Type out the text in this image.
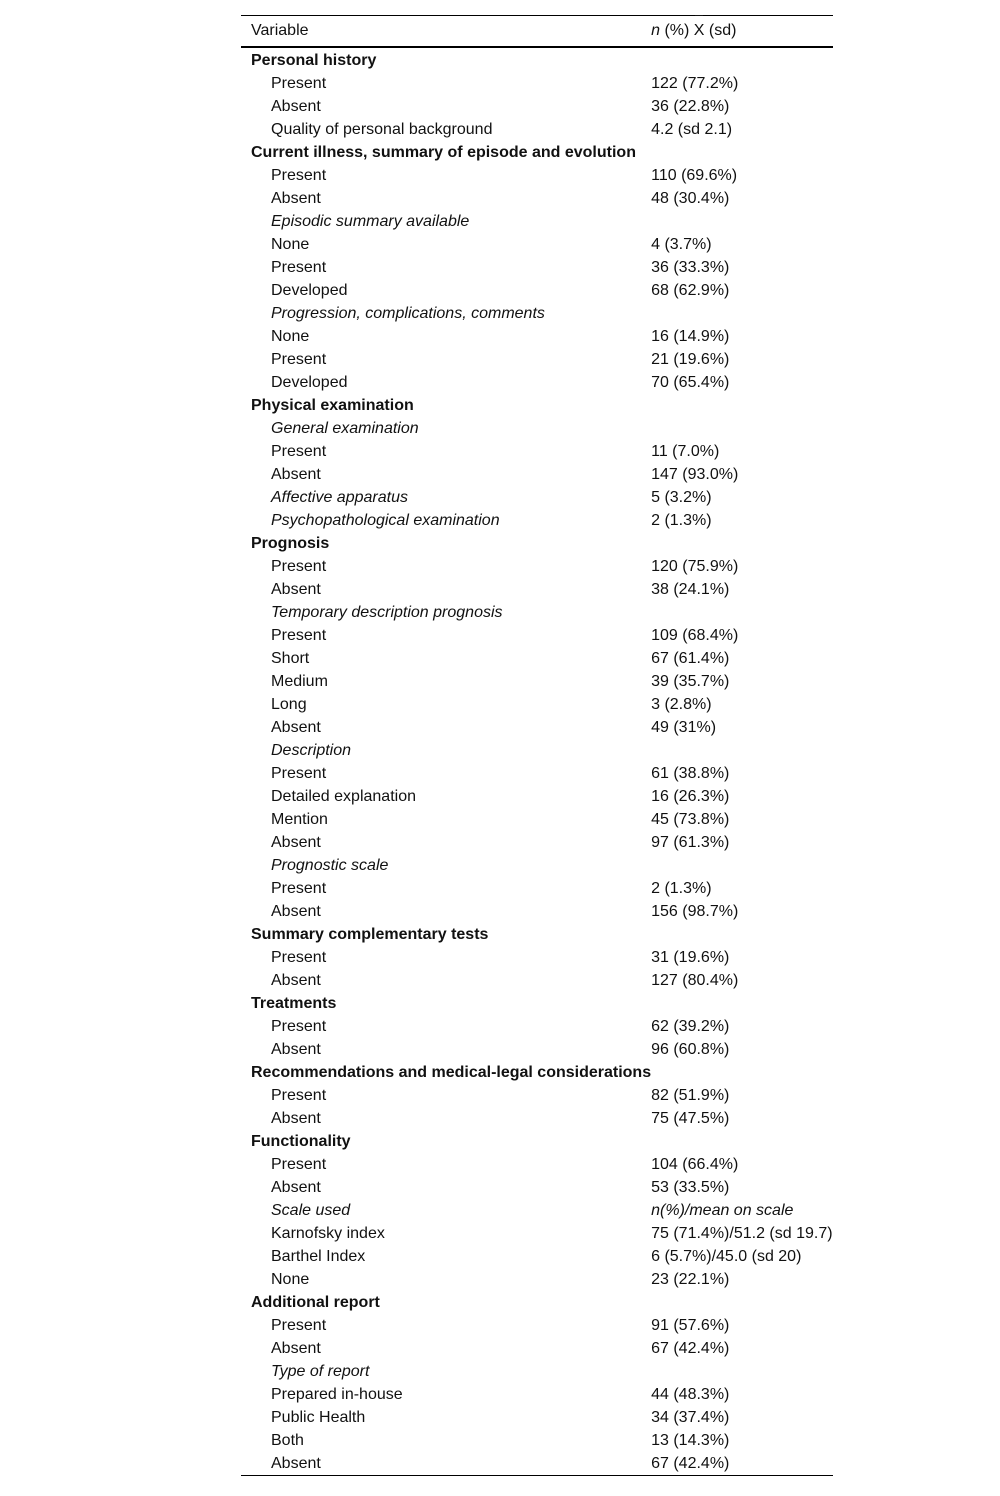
Variable	n (%) X (sd)
Personal history	
Present	122 (77.2%)
Absent	36 (22.8%)
Quality of personal background	4.2 (sd 2.1)
Current illness, summary of episode and evolution	
Present	110 (69.6%)
Absent	48 (30.4%)
Episodic summary available	
None	4 (3.7%)
Present	36 (33.3%)
Developed	68 (62.9%)
Progression, complications, comments	
None	16 (14.9%)
Present	21 (19.6%)
Developed	70 (65.4%)
Physical examination	
General examination	
Present	11 (7.0%)
Absent	147 (93.0%)
Affective apparatus	5 (3.2%)
Psychopathological examination	2 (1.3%)
Prognosis	
Present	120 (75.9%)
Absent	38 (24.1%)
Temporary description prognosis	
Present	109 (68.4%)
Short	67 (61.4%)
Medium	39 (35.7%)
Long	3 (2.8%)
Absent	49 (31%)
Description	
Present	61 (38.8%)
Detailed explanation	16 (26.3%)
Mention	45 (73.8%)
Absent	97 (61.3%)
Prognostic scale	
Present	2 (1.3%)
Absent	156 (98.7%)
Summary complementary tests	
Present	31 (19.6%)
Absent	127 (80.4%)
Treatments	
Present	62 (39.2%)
Absent	96 (60.8%)
Recommendations and medical-legal considerations	
Present	82 (51.9%)
Absent	75 (47.5%)
Functionality	
Present	104 (66.4%)
Absent	53 (33.5%)
Scale used	n(%)/mean on scale
Karnofsky index	75 (71.4%)/51.2 (sd 19.7)
Barthel Index	6 (5.7%)/45.0 (sd 20)
None	23 (22.1%)
Additional report	
Present	91 (57.6%)
Absent	67 (42.4%)
Type of report	
Prepared in-house	44 (48.3%)
Public Health	34 (37.4%)
Both	13 (14.3%)
Absent	67 (42.4%)
